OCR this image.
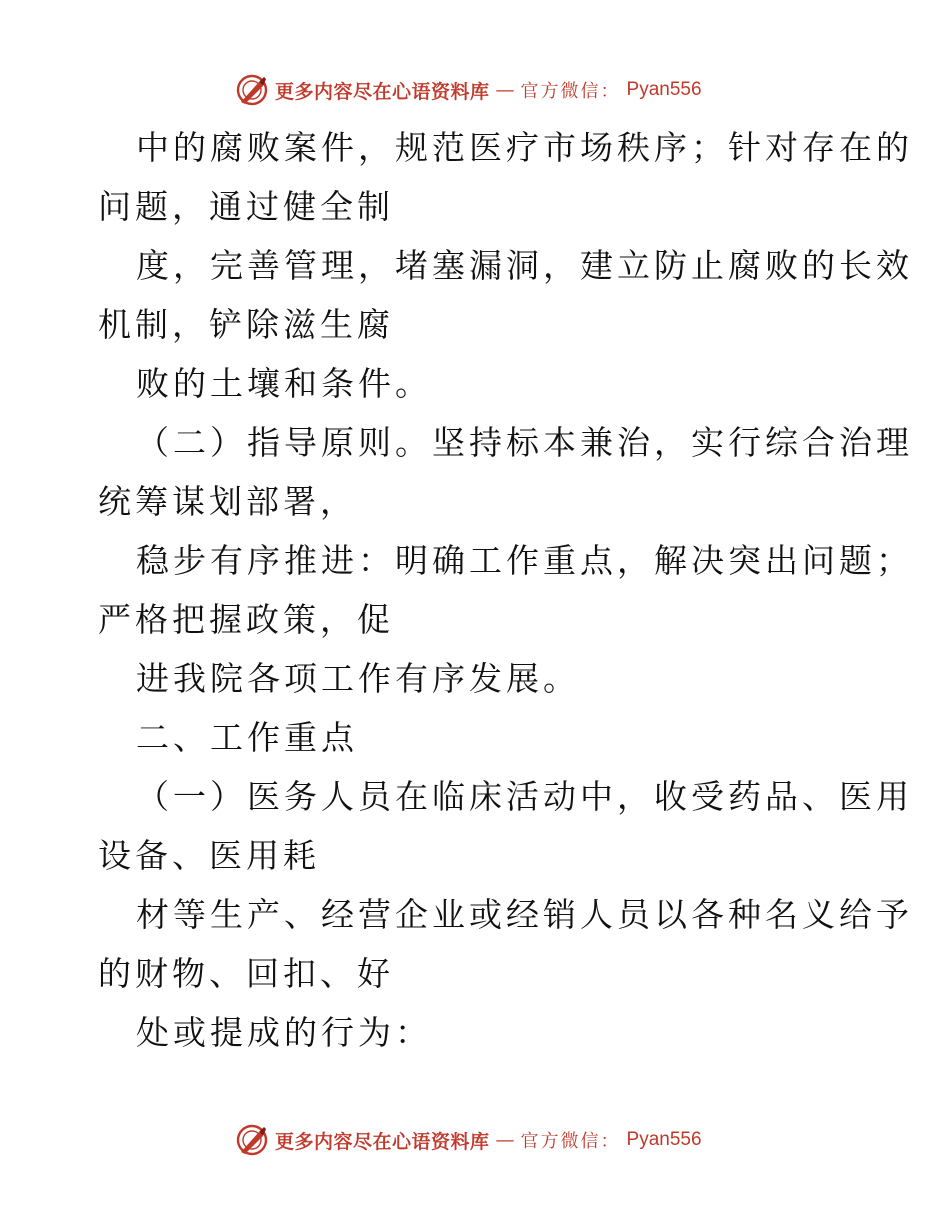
更多内容尽在心语资料库 — 官方微信： Pyan556
中的腐败案件，规范医疗市场秩序；针对存在的
问题，通过健全制
度，完善管理，堵塞漏洞，建立防止腐败的长效
机制，铲除滋生腐
败的土壤和条件。
（二）指导原则。坚持标本兼治，实行综合治理
统筹谋划部署，
稳步有序推进：明确工作重点，解决突出问题；
严格把握政策，促
进我院各项工作有序发展。
二、工作重点
（一）医务人员在临床活动中，收受药品、医用
设备、医用耗
材等生产、经营企业或经销人员以各种名义给予
的财物、回扣、好
处或提成的行为：
更多内容尽在心语资料库 — 官方微信： Pyan556
